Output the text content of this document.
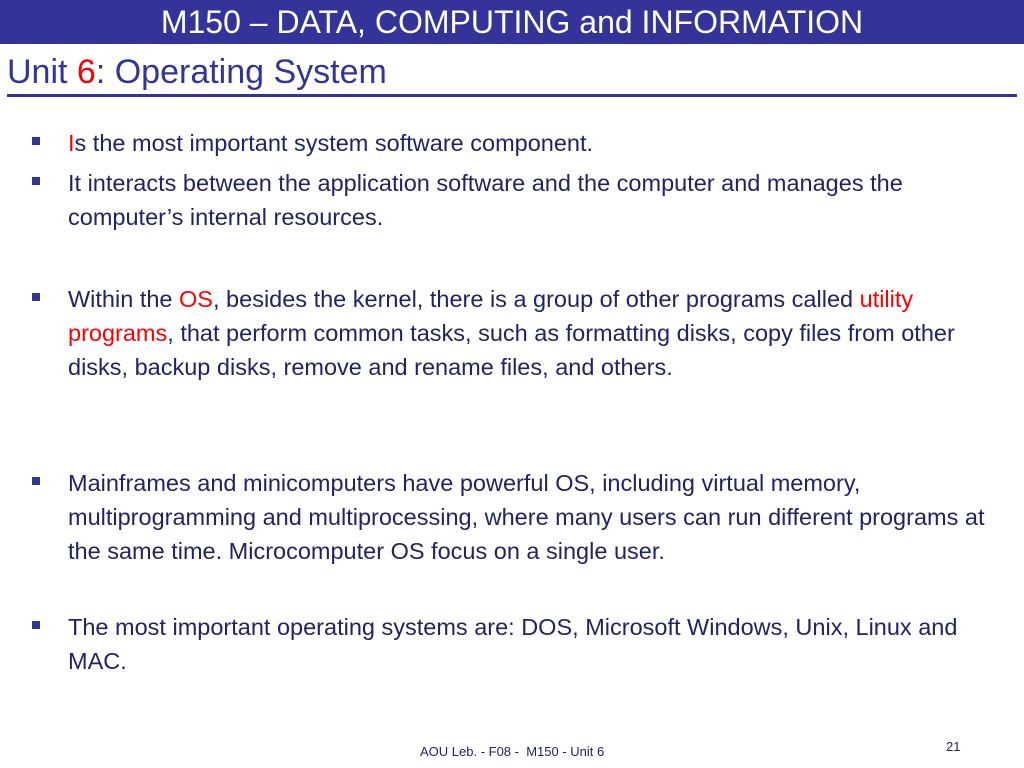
M150 – DATA, COMPUTING and INFORMATION
Unit 6: Operating System
Is the most important system software component.
It interacts between the application software and the computer and manages the computer’s internal resources.
Within the OS, besides the kernel, there is a group of other programs called utility programs, that perform common tasks, such as formatting disks, copy files from other disks, backup disks, remove and rename files, and others.
Mainframes and minicomputers have powerful OS, including virtual memory, multiprogramming and multiprocessing, where many users can run different programs at the same time. Microcomputer OS focus on a single user.
The most important operating systems are: DOS, Microsoft Windows, Unix, Linux and MAC.
AOU Leb. - F08 -  M150 - Unit 6	21
